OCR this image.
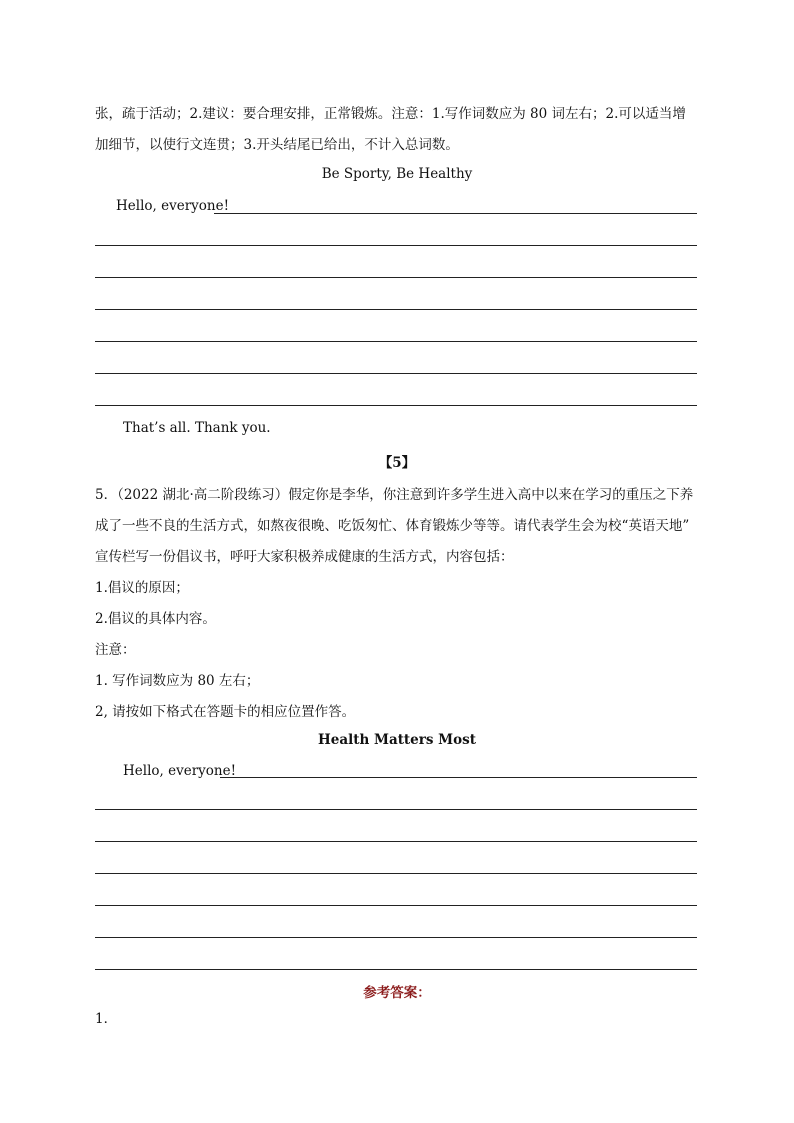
张，疏于活动；2.建议：要合理安排，正常锻炼。注意：1.写作词数应为 80 词左右；2.可以适当增
加细节，以使行文连贯；3.开头结尾已给出，不计入总词数。
Be Sporty, Be Healthy
Hello, everyone!
That’s all. Thank you.
【5】
5．（2022 湖北·高二阶段练习）假定你是李华，你注意到许多学生进入高中以来在学习的重压之下养
成了一些不良的生活方式，如熬夜很晚、吃饭匆忙、体育锻炼少等等。请代表学生会为校“英语天地”
宣传栏写一份倡议书，呼吁大家积极养成健康的生活方式，内容包括：
1.倡议的原因；
2.倡议的具体内容。
注意：
1. 写作词数应为 80 左右；
2, 请按如下格式在答题卡的相应位置作答。
Health Matters Most
Hello, everyone!
参考答案：
1．
